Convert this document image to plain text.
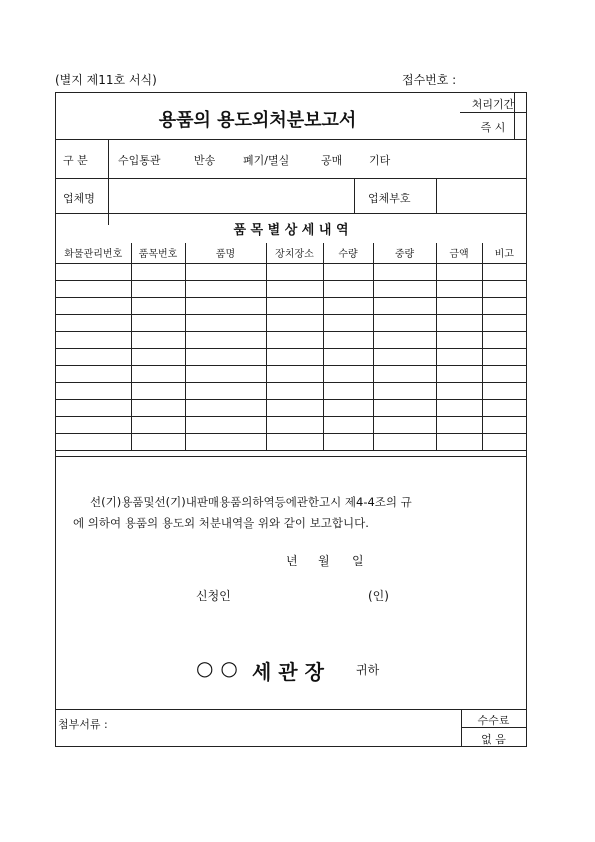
(별지 제11호 서식)	접수번호 :
용품의 용도외처분보고서
처리기간
즉 시
구 분	수입통관	반송	폐기/멸실	공매 기타
업체명	업체부호
품 목 별 상 세 내 역
화물관리번호	품목번호	품명	장치장소	수량	중량	금액	비고

선(기)용품및선(기)내판매용품의하역등에관한고시 제4-4조의 규
에 의하여 용품의 용도외 처분내역을 위와 같이 보고합니다.
년 월 일
신청인	(인)
○ ○ 세 관 장	귀하
첨부서류 :	수수료
없 음
